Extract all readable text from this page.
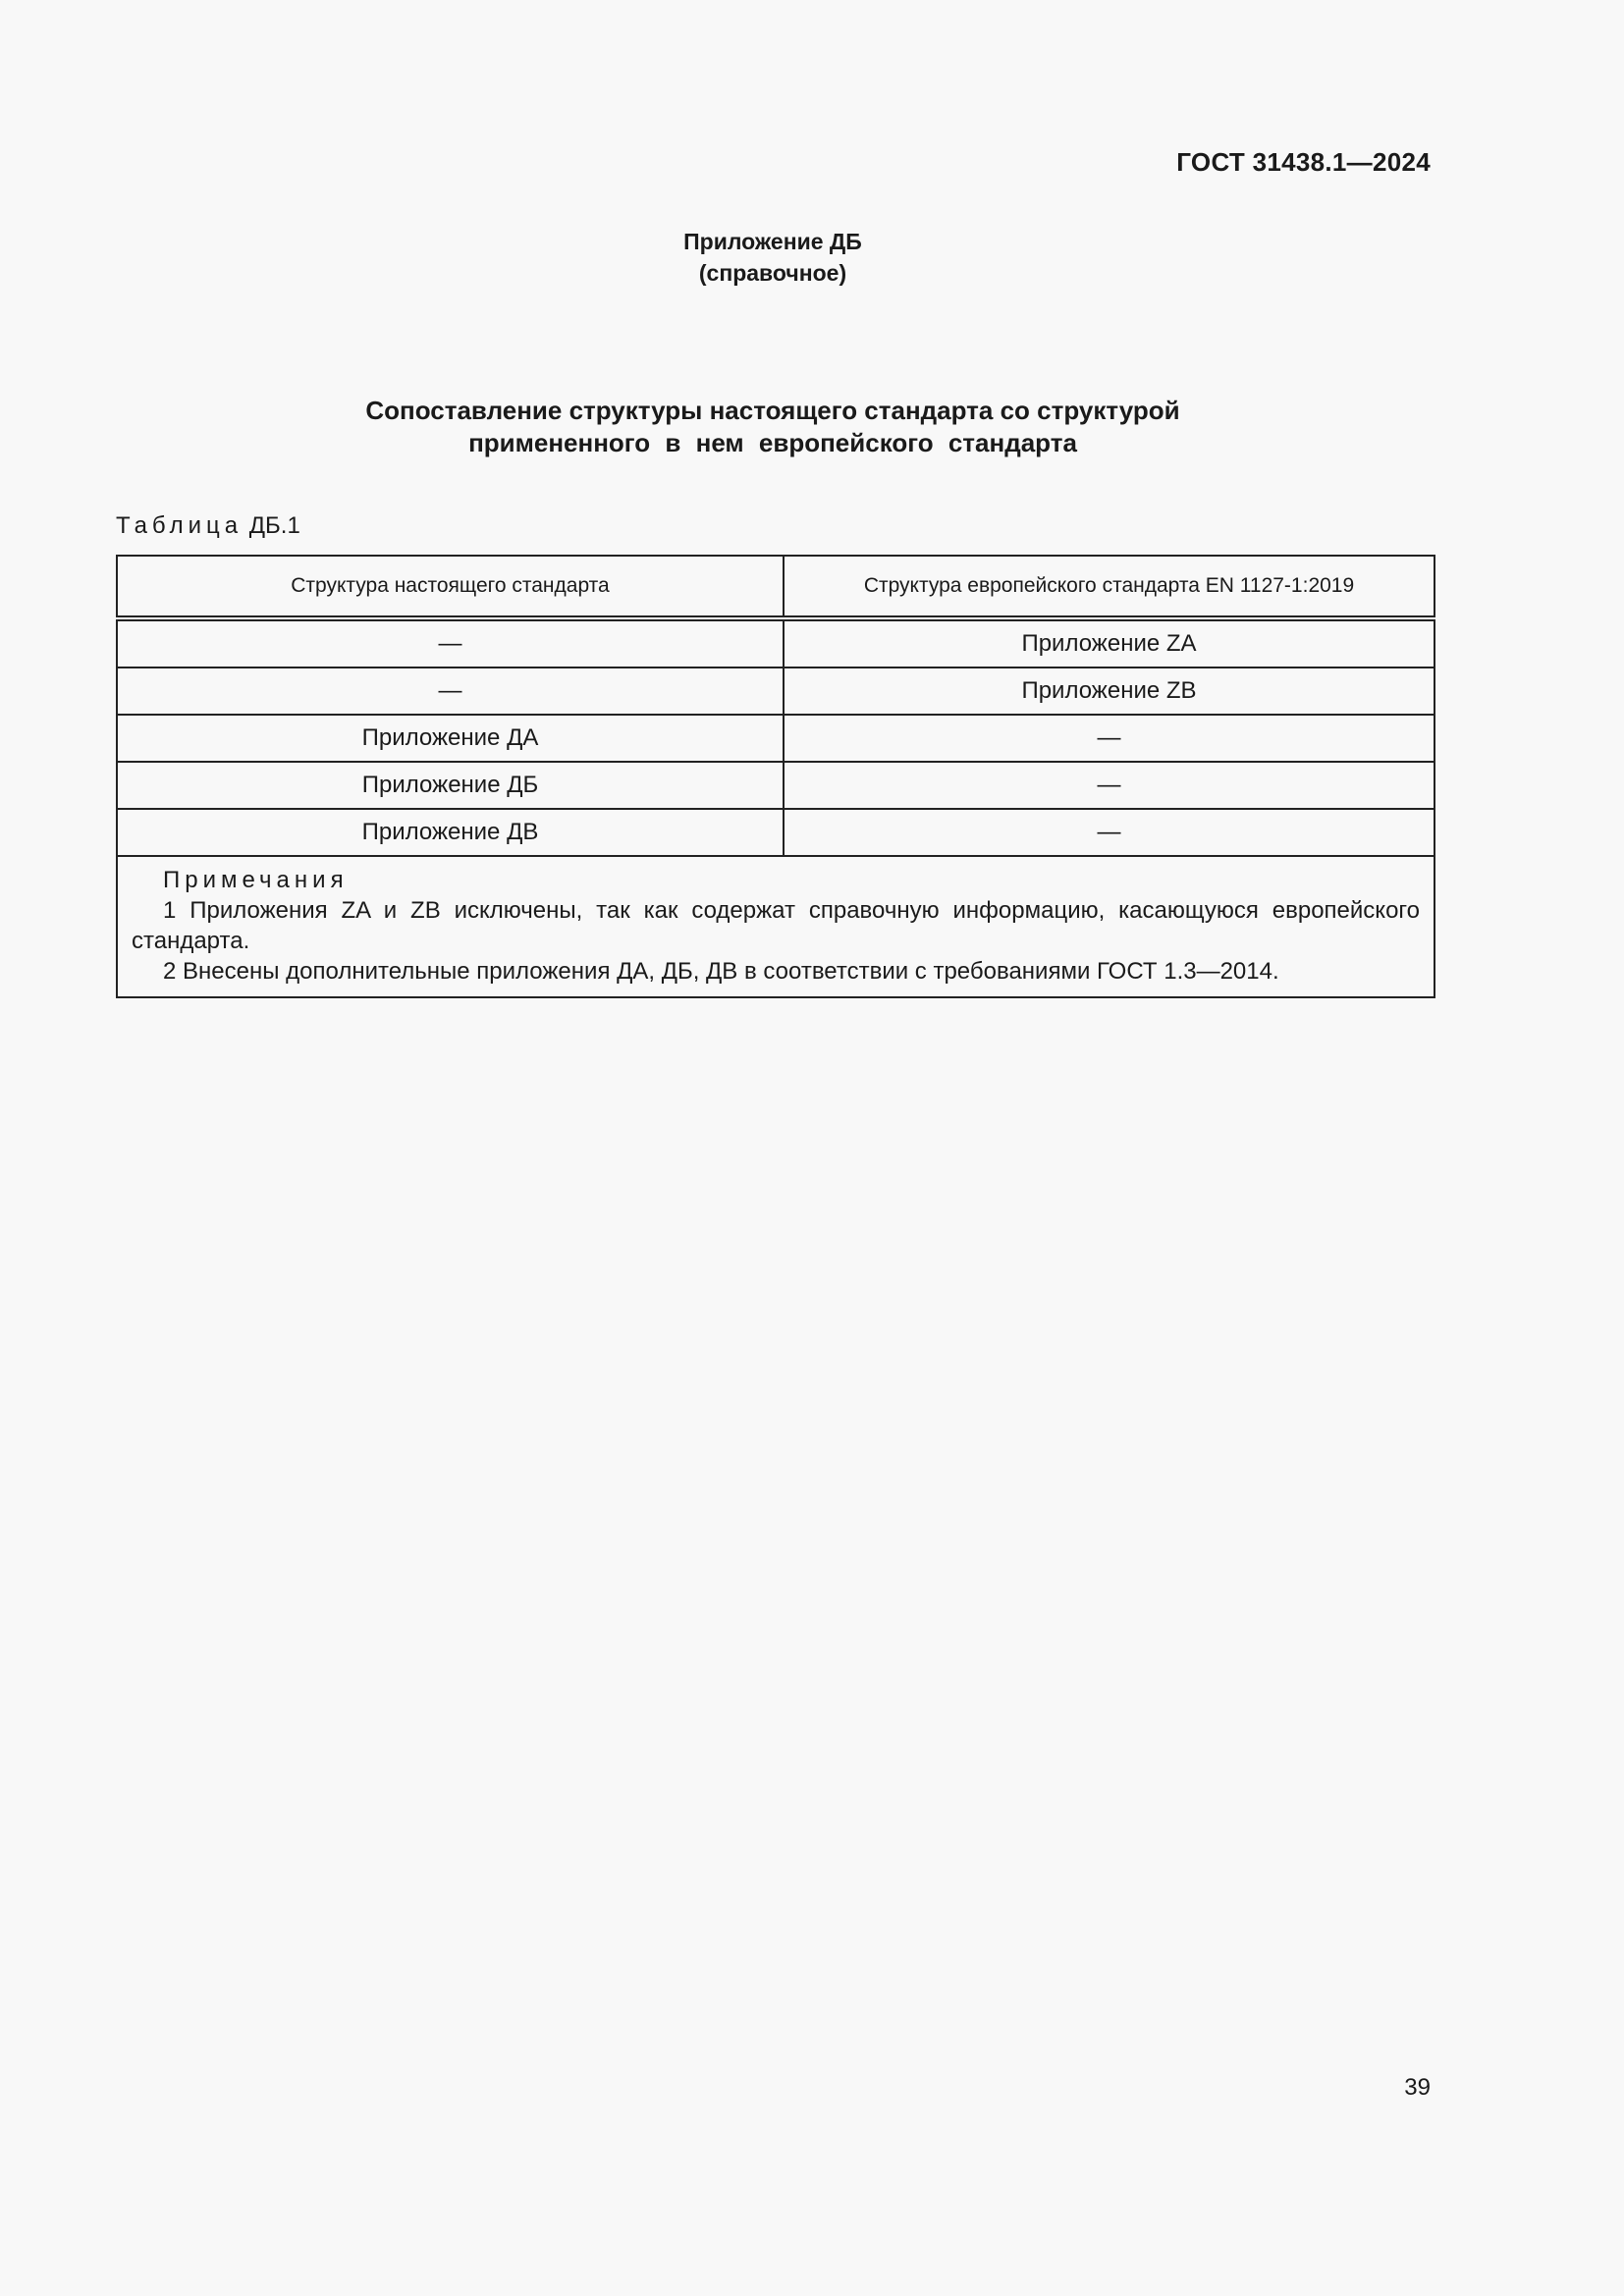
ГОСТ 31438.1—2024
Приложение ДБ
(справочное)
Сопоставление структуры настоящего стандарта со структурой
примененного в нем европейского стандарта
Таблица ДБ.1
Структура настоящего стандарта	Структура европейского стандарта EN 1127-1:2019
—	Приложение ZA
—	Приложение ZB
Приложение ДА	—
Приложение ДБ	—
Приложение ДВ	—

Примечания
1 Приложения ZA и ZB исключены, так как содержат справочную информацию, касающуюся европейского стандарта.
2 Внесены дополнительные приложения ДА, ДБ, ДВ в соответствии с требованиями ГОСТ 1.3—2014.	
39
